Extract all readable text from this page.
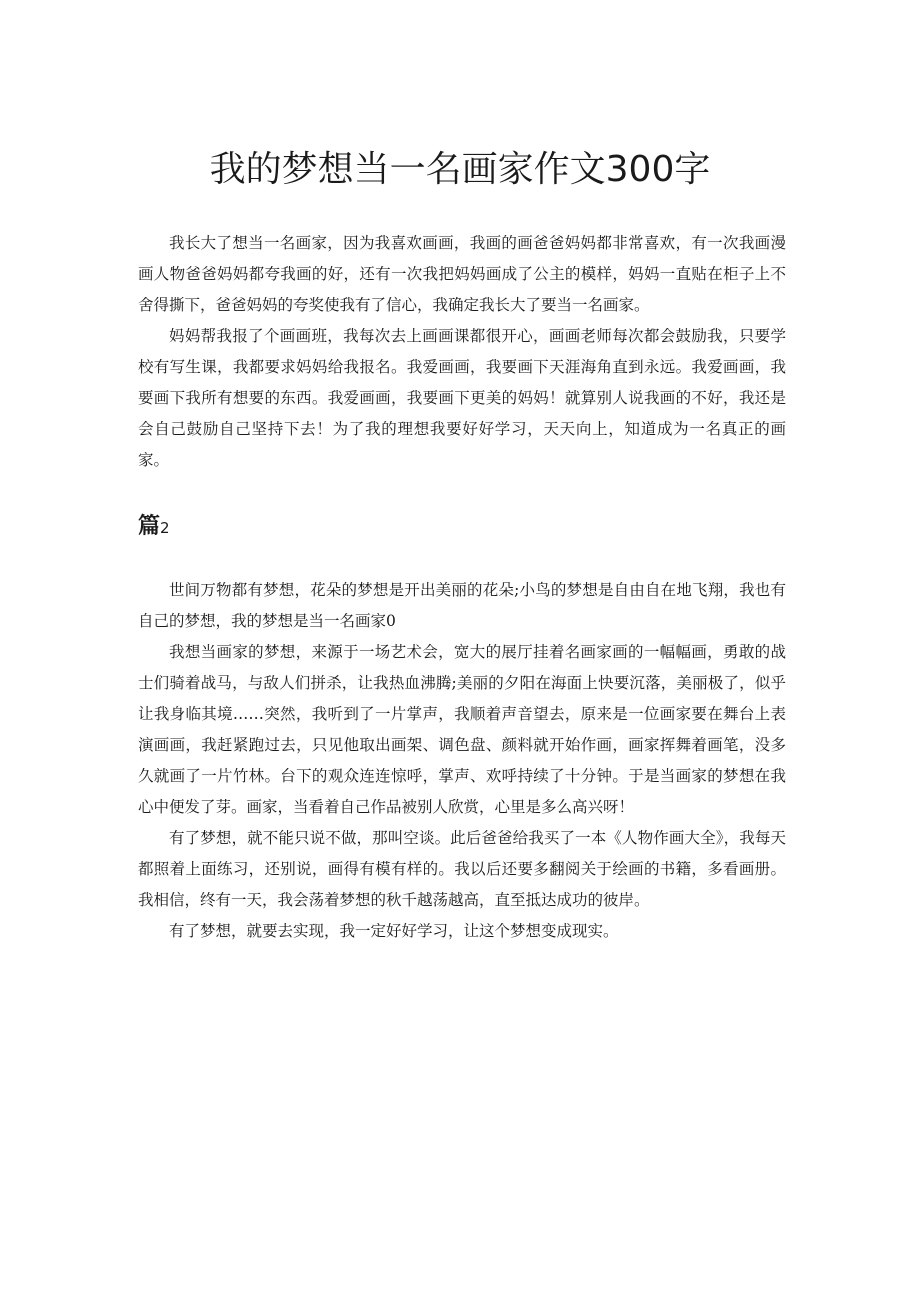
我的梦想当一名画家作文300字

我长大了想当一名画家，因为我喜欢画画，我画的画爸爸妈妈都非常喜欢，有一次我画漫画人物爸爸妈妈都夸我画的好，还有一次我把妈妈画成了公主的模样，妈妈一直贴在柜子上不舍得撕下，爸爸妈妈的夸奖使我有了信心，我确定我长大了要当一名画家。

妈妈帮我报了个画画班，我每次去上画画课都很开心，画画老师每次都会鼓励我，只要学校有写生课，我都要求妈妈给我报名。我爱画画，我要画下天涯海角直到永远。我爱画画，我要画下我所有想要的东西。我爱画画，我要画下更美的妈妈！就算别人说我画的不好，我还是会自己鼓励自己坚持下去！为了我的理想我要好好学习，天天向上，知道成为一名真正的画家。

篇2

世间万物都有梦想，花朵的梦想是开出美丽的花朵;小鸟的梦想是自由自在地飞翔，我也有自己的梦想，我的梦想是当一名画家0

我想当画家的梦想，来源于一场艺术会，宽大的展厅挂着名画家画的一幅幅画，勇敢的战士们骑着战马，与敌人们拼杀，让我热血沸腾;美丽的夕阳在海面上快要沉落，美丽极了，似乎让我身临其境……突然，我听到了一片掌声，我顺着声音望去，原来是一位画家要在舞台上表演画画，我赶紧跑过去，只见他取出画架、调色盘、颜料就开始作画，画家挥舞着画笔，没多久就画了一片竹林。台下的观众连连惊呼，掌声、欢呼持续了十分钟。于是当画家的梦想在我心中便发了芽。画家，当看着自己作品被别人欣赏，心里是多么高兴呀！

有了梦想，就不能只说不做，那叫空谈。此后爸爸给我买了一本《人物作画大全》，我每天都照着上面练习，还别说，画得有模有样的。我以后还要多翻阅关于绘画的书籍，多看画册。我相信，终有一天，我会荡着梦想的秋千越荡越高，直至抵达成功的彼岸。

有了梦想，就要去实现，我一定好好学习，让这个梦想变成现实。
